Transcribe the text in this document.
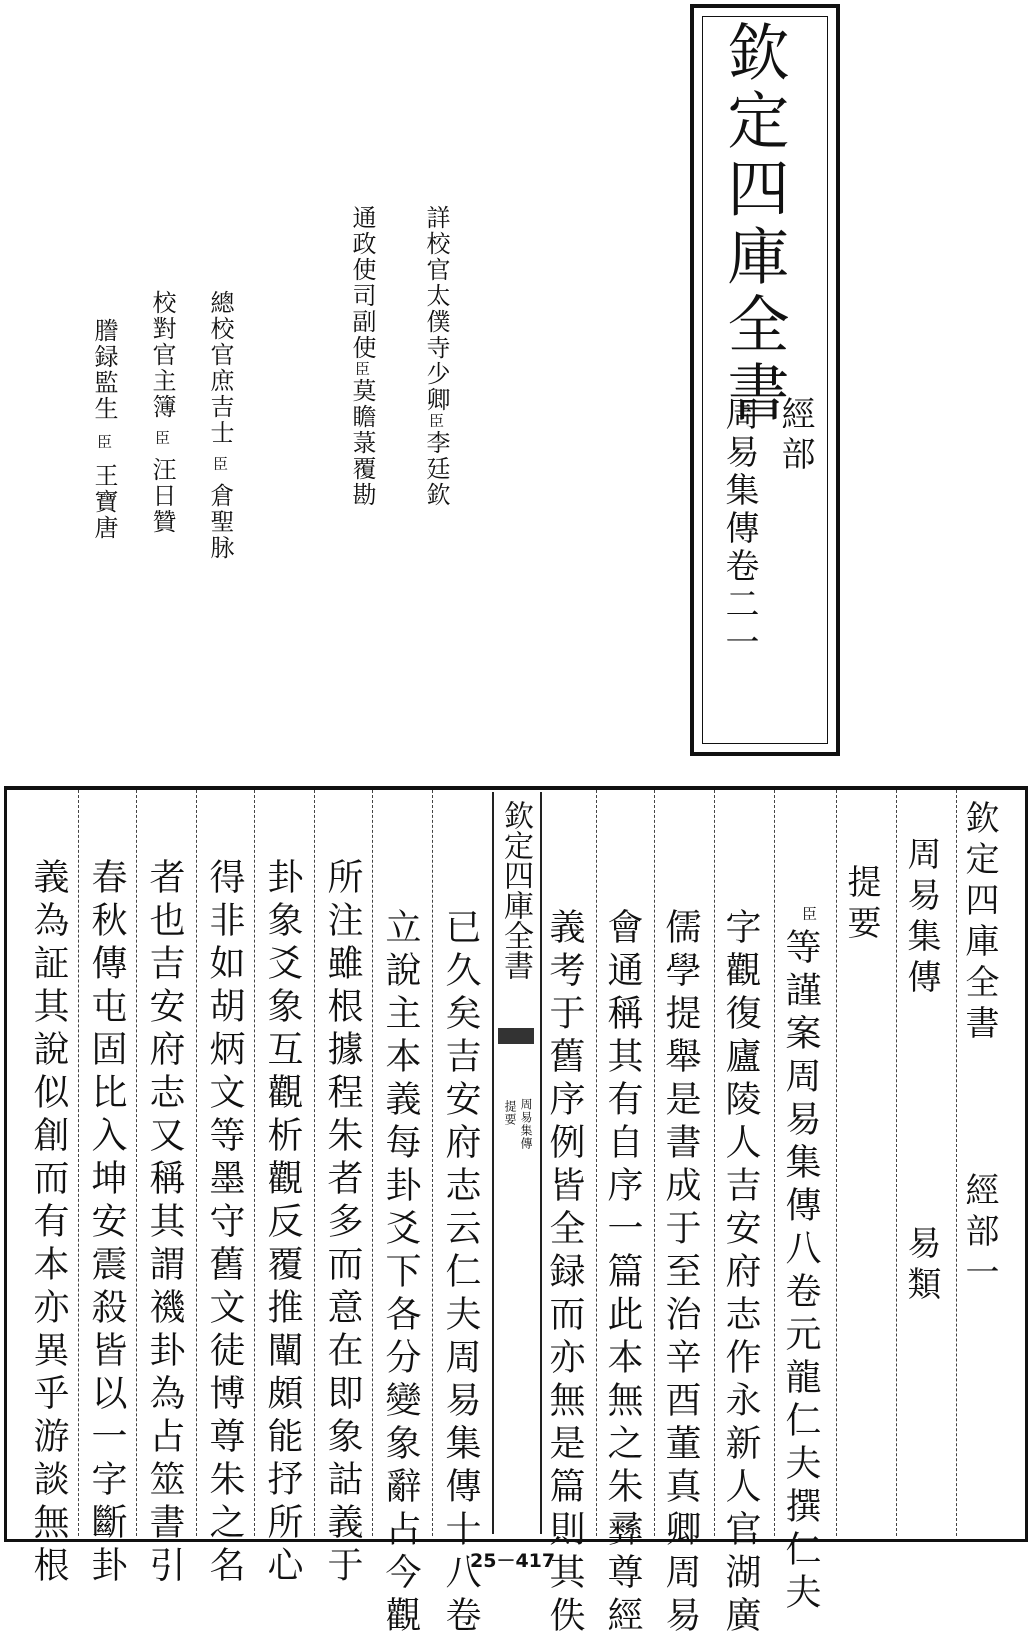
欽定四庫全書
經部
周易集傳卷二一
詳校官太僕寺少卿臣李廷欽
通政使司副使臣莫瞻菉覆勘
總校官庶吉士臣倉聖脉
校對官主簿臣汪日贊
謄録監生臣王寶唐
欽定四庫全書
經部一
周易集傳
易類
提要
臣
等謹案周易集傳八卷元龍仁夫撰仁夫
字觀復廬陵人吉安府志作永新人官湖廣
儒學提舉是書成于至治辛酉董真卿周易
會通稱其有自序一篇此本無之朱彞尊經
義考于舊序例皆全録而亦無是篇則其佚
欽定四庫全書
周易集傳
提要
已久矣吉安府志云仁夫周易集傳十八卷
立說主本義每卦爻下各分變象辭占今觀
所注雖根據程朱者多而意在即象詁義于
卦象爻象互觀析觀反覆推闡頗能抒所心
得非如胡炳文等墨守舊文徒博尊朱之名
者也吉安府志又稱其謂禨卦為占筮書引
春秋傳屯固比入坤安震殺皆以一字斷卦
義為証其說似創而有本亦異乎游談無根	25－417
